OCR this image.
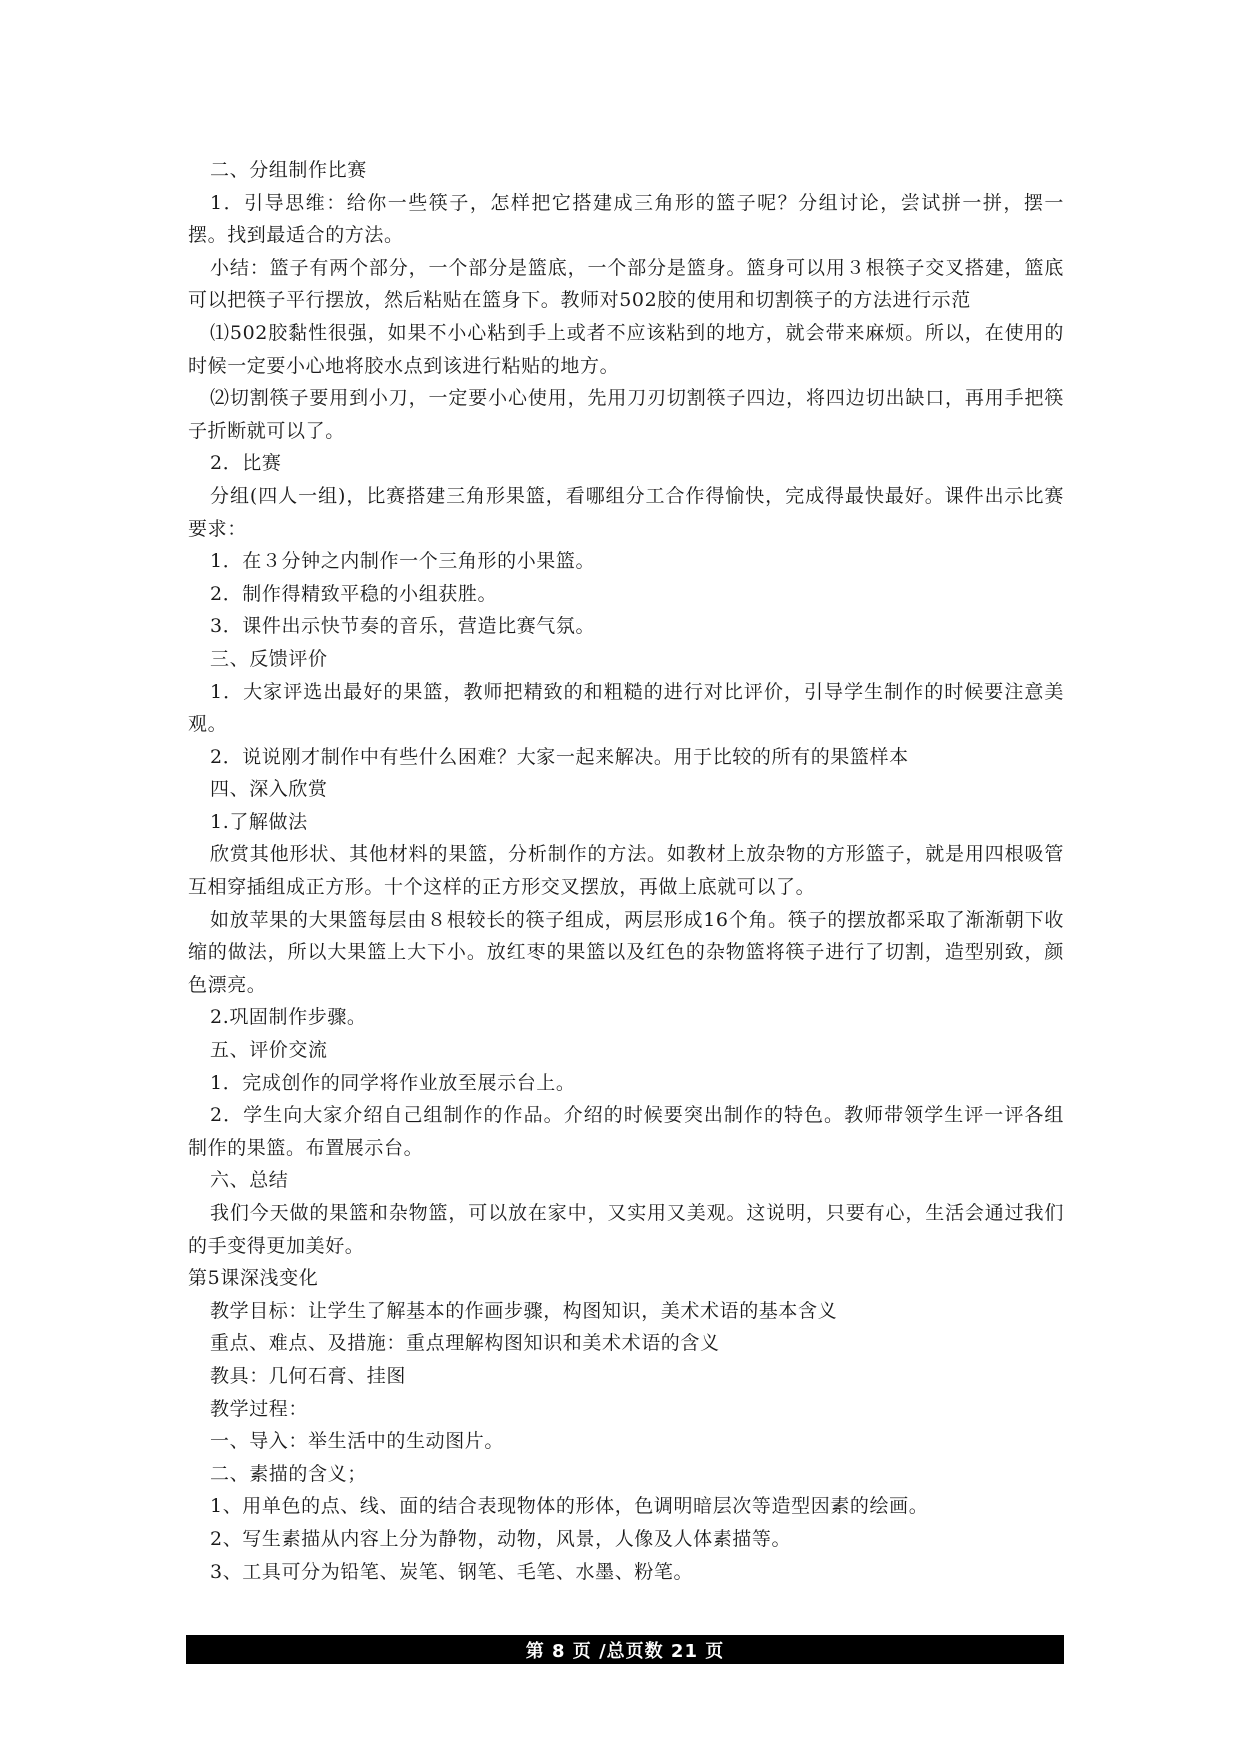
二、分组制作比赛

1．引导思维：给你一些筷子，怎样把它搭建成三角形的篮子呢？分组讨论，尝试拼一拼，摆一摆。找到最适合的方法。

小结：篮子有两个部分，一个部分是篮底，一个部分是篮身。篮身可以用３根筷子交叉搭建，篮底可以把筷子平行摆放，然后粘贴在篮身下。教师对502胶的使用和切割筷子的方法进行示范

⑴502胶黏性很强，如果不小心粘到手上或者不应该粘到的地方，就会带来麻烦。所以，在使用的时候一定要小心地将胶水点到该进行粘贴的地方。

⑵切割筷子要用到小刀，一定要小心使用，先用刀刃切割筷子四边，将四边切出缺口，再用手把筷子折断就可以了。

2．比赛

分组(四人一组)，比赛搭建三角形果篮，看哪组分工合作得愉快，完成得最快最好。课件出示比赛要求：

1．在３分钟之内制作一个三角形的小果篮。

2．制作得精致平稳的小组获胜。

3．课件出示快节奏的音乐，营造比赛气氛。

三、反馈评价

1．大家评选出最好的果篮，教师把精致的和粗糙的进行对比评价，引导学生制作的时候要注意美观。

2．说说刚才制作中有些什么困难？大家一起来解决。用于比较的所有的果篮样本

四、深入欣赏

1.了解做法

欣赏其他形状、其他材料的果篮，分析制作的方法。如教材上放杂物的方形篮子，就是用四根吸管互相穿插组成正方形。十个这样的正方形交叉摆放，再做上底就可以了。

如放苹果的大果篮每层由８根较长的筷子组成，两层形成16个角。筷子的摆放都采取了渐渐朝下收缩的做法，所以大果篮上大下小。放红枣的果篮以及红色的杂物篮将筷子进行了切割，造型别致，颜色漂亮。

2.巩固制作步骤。

五、评价交流

1．完成创作的同学将作业放至展示台上。

2．学生向大家介绍自己组制作的作品。介绍的时候要突出制作的特色。教师带领学生评一评各组制作的果篮。布置展示台。

六、总结

我们今天做的果篮和杂物篮，可以放在家中，又实用又美观。这说明，只要有心，生活会通过我们的手变得更加美好。

第5课深浅变化

教学目标：让学生了解基本的作画步骤，构图知识，美术术语的基本含义

重点、难点、及措施：重点理解构图知识和美术术语的含义

教具：几何石膏、挂图

教学过程：

一、导入：举生活中的生动图片。

二、素描的含义；

1、用单色的点、线、面的结合表现物体的形体，色调明暗层次等造型因素的绘画。

2、写生素描从内容上分为静物，动物，风景，人像及人体素描等。

3、工具可分为铅笔、炭笔、钢笔、毛笔、水墨、粉笔。

第 8 页 /总页数 21 页
